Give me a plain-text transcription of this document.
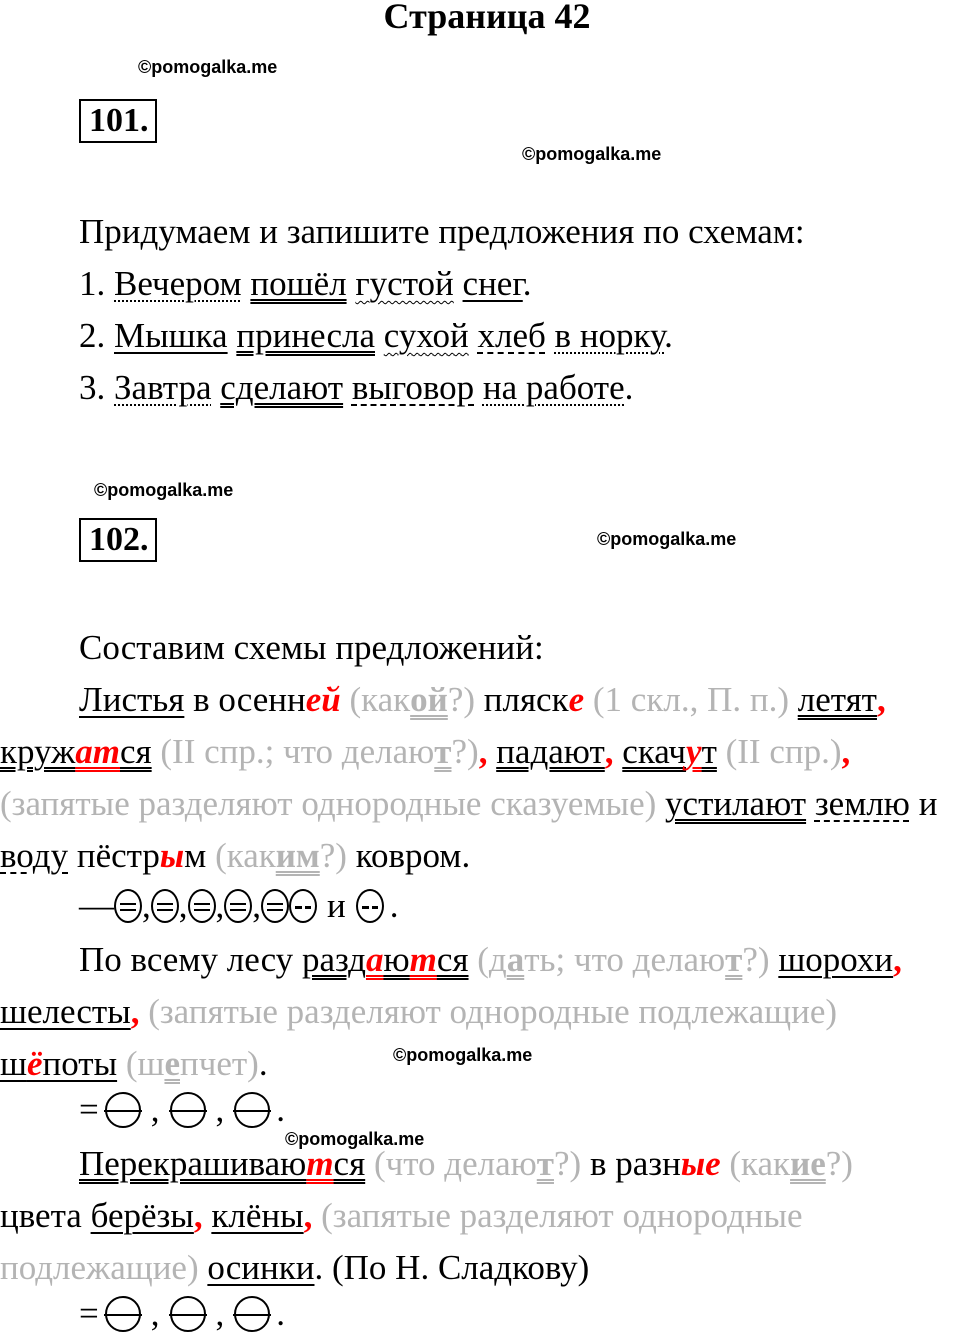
Страница 42
©pomogalka.me
101.
©pomogalka.me
Придумаем и запишите предложения по схемам:
1. Вечером пошёл густой снег.
2. Мышка принесла сухой хлеб в норку.
3. Завтра сделают выговор на работе.
©pomogalka.me
102.	©pomogalka.me
Составим схемы предложений:
Листья в осенней (какой?) пляске (1 скл., П. п.) летят,
кружатся (II спр.; что делают?), падают, скачут (II спр.),
(запятые разделяют однородные сказуемые) устилают землю и
воду пёстрым (каким?) ковром.
— , , , , и .
По всему лесу раздаются (дать; что делают?) шорохи,
шелесты, (запятые разделяют однородные подлежащие)
шёпоты (шепчет).	©pomogalka.me
= , , .
©pomogalka.me
Перекрашиваются (что делают?) в разные (какие?)
цвета берёзы, клёны, (запятые разделяют однородные
подлежащие) осинки. (По Н. Сладкову)
= , , .
